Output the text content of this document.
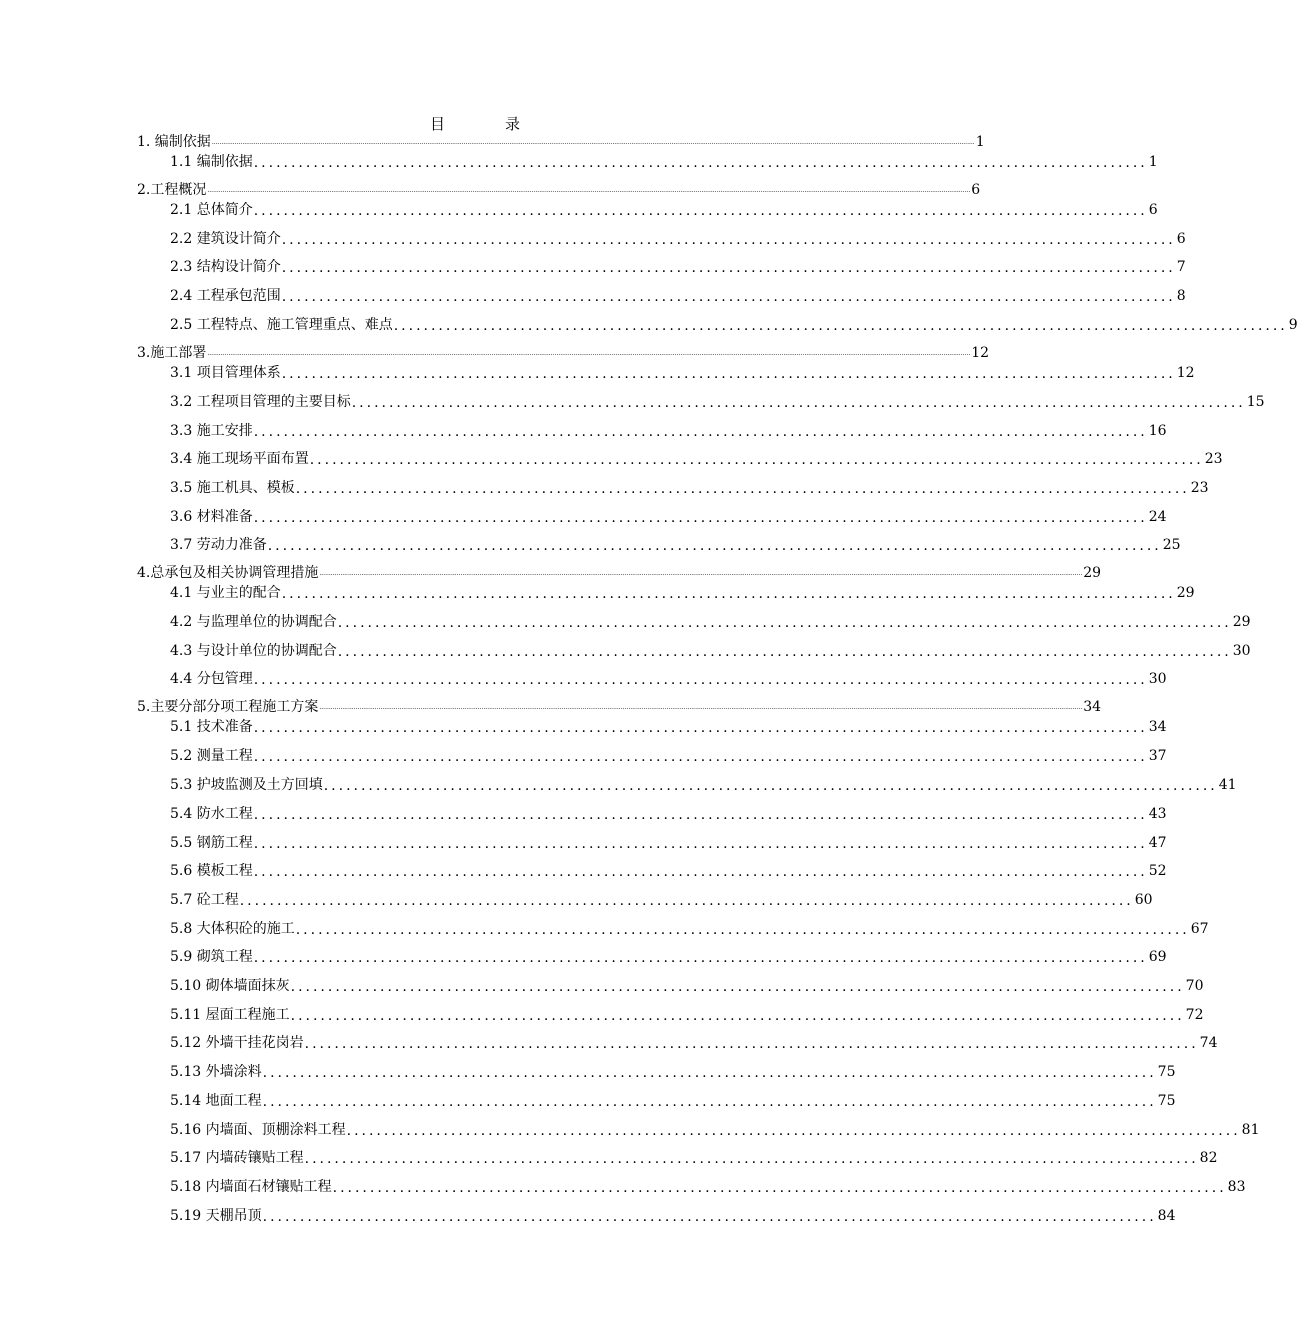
目　　　　录
1. 编制依据 ................................................................................................................................................................................................................................................................................................................................................................................................................ 1
1.1 编制依据 ........................................................................................................................ 1
2.工程概况 ................................................................................................................................................................................................................................................................................................................................................................................................................ 6
2.1 总体简介 ........................................................................................................................ 6
2.2 建筑设计简介 ........................................................................................................................ 6
2.3 结构设计简介 ........................................................................................................................ 7
2.4 工程承包范围 ........................................................................................................................ 8
2.5 工程特点、施工管理重点、难点 ........................................................................................................................ 9
3.施工部署 ................................................................................................................................................................................................................................................................................................................................................................................................................ 12
3.1 项目管理体系 ........................................................................................................................ 12
3.2 工程项目管理的主要目标 ........................................................................................................................ 15
3.3 施工安排 ........................................................................................................................ 16
3.4 施工现场平面布置 ........................................................................................................................ 23
3.5 施工机具、模板 ........................................................................................................................ 23
3.6 材料准备 ........................................................................................................................ 24
3.7 劳动力准备 ........................................................................................................................ 25
4.总承包及相关协调管理措施 ................................................................................................................................................................................................................................................................................................................................................................................................................ 29
4.1 与业主的配合 ........................................................................................................................ 29
4.2 与监理单位的协调配合 ........................................................................................................................ 29
4.3 与设计单位的协调配合 ........................................................................................................................ 30
4.4 分包管理 ........................................................................................................................ 30
5.主要分部分项工程施工方案 ................................................................................................................................................................................................................................................................................................................................................................................................................ 34
5.1 技术准备 ........................................................................................................................ 34
5.2 测量工程 ........................................................................................................................ 37
5.3 护坡监测及土方回填 ........................................................................................................................ 41
5.4 防水工程 ........................................................................................................................ 43
5.5 钢筋工程 ........................................................................................................................ 47
5.6 模板工程 ........................................................................................................................ 52
5.7 砼工程 ........................................................................................................................ 60
5.8 大体积砼的施工 ........................................................................................................................ 67
5.9 砌筑工程 ........................................................................................................................ 69
5.10 砌体墙面抹灰 ........................................................................................................................ 70
5.11 屋面工程施工 ........................................................................................................................ 72
5.12 外墙干挂花岗岩 ........................................................................................................................ 74
5.13 外墙涂料 ........................................................................................................................ 75
5.14 地面工程 ........................................................................................................................ 75
5.16 内墙面、顶棚涂料工程 ........................................................................................................................ 81
5.17 内墙砖镶贴工程 ........................................................................................................................ 82
5.18 内墙面石材镶贴工程 ........................................................................................................................ 83
5.19 天棚吊顶 ........................................................................................................................ 84
